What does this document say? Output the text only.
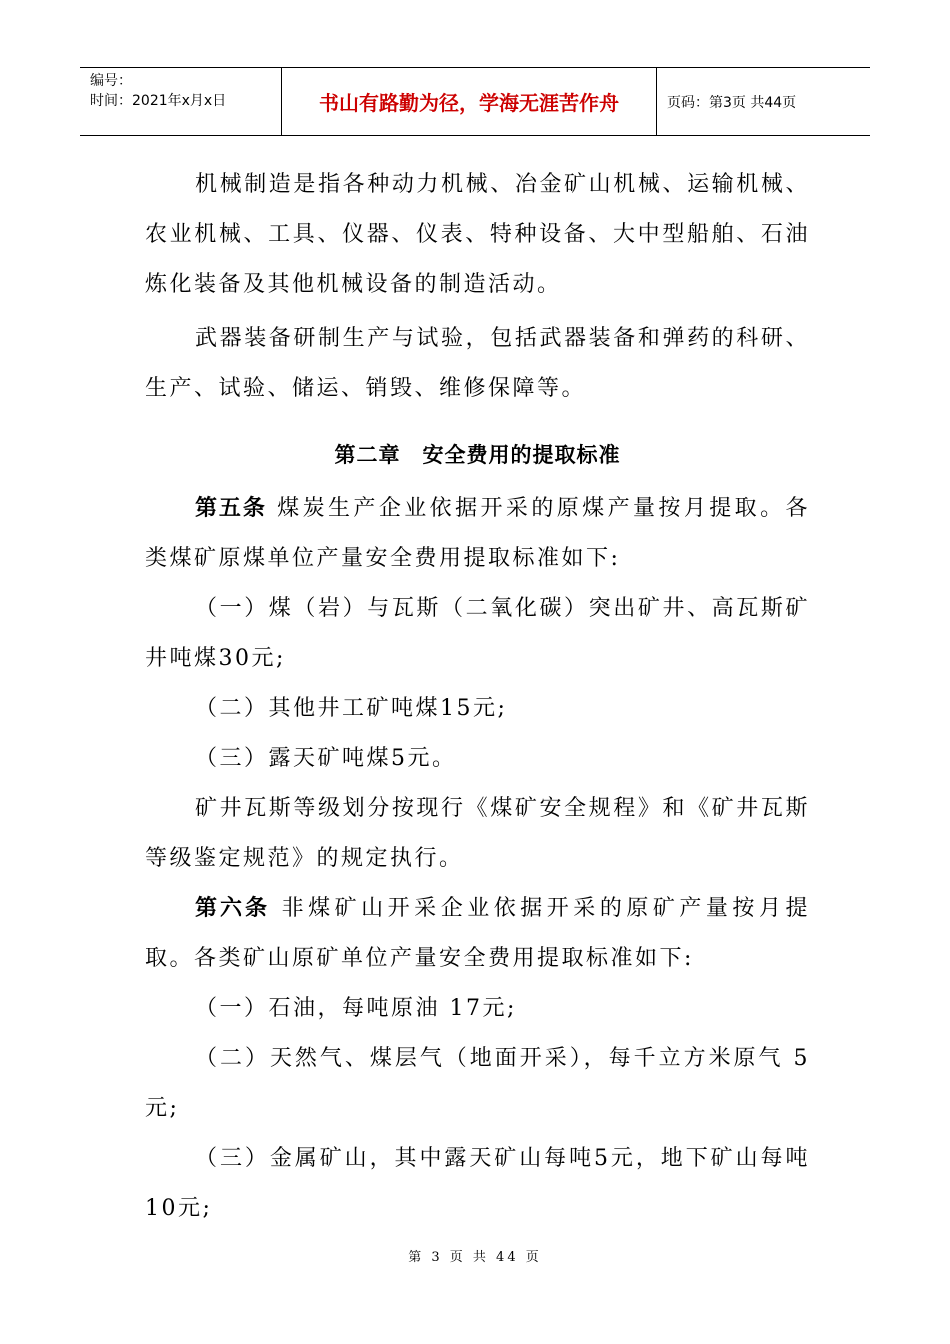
编号：
时间：2021年x月x日	书山有路勤为径，学海无涯苦作舟	页码：第3页 共44页

机械制造是指各种动力机械、冶金矿山机械、运输机械、农业机械、工具、仪器、仪表、特种设备、大中型船舶、石油炼化装备及其他机械设备的制造活动。

武器装备研制生产与试验，包括武器装备和弹药的科研、生产、试验、储运、销毁、维修保障等。

第二章　安全费用的提取标准

第五条 煤炭生产企业依据开采的原煤产量按月提取。各类煤矿原煤单位产量安全费用提取标准如下:

（一）煤（岩）与瓦斯（二氧化碳）突出矿井、高瓦斯矿井吨煤30元;

（二）其他井工矿吨煤15元;

（三）露天矿吨煤5元。

矿井瓦斯等级划分按现行《煤矿安全规程》和《矿井瓦斯等级鉴定规范》的规定执行。

第六条 非煤矿山开采企业依据开采的原矿产量按月提取。各类矿山原矿单位产量安全费用提取标准如下:

（一）石油，每吨原油 17元;

（二）天然气、煤层气（地面开采），每千立方米原气 5元;

（三）金属矿山，其中露天矿山每吨5元，地下矿山每吨 10元;

第 3 页 共 44 页
